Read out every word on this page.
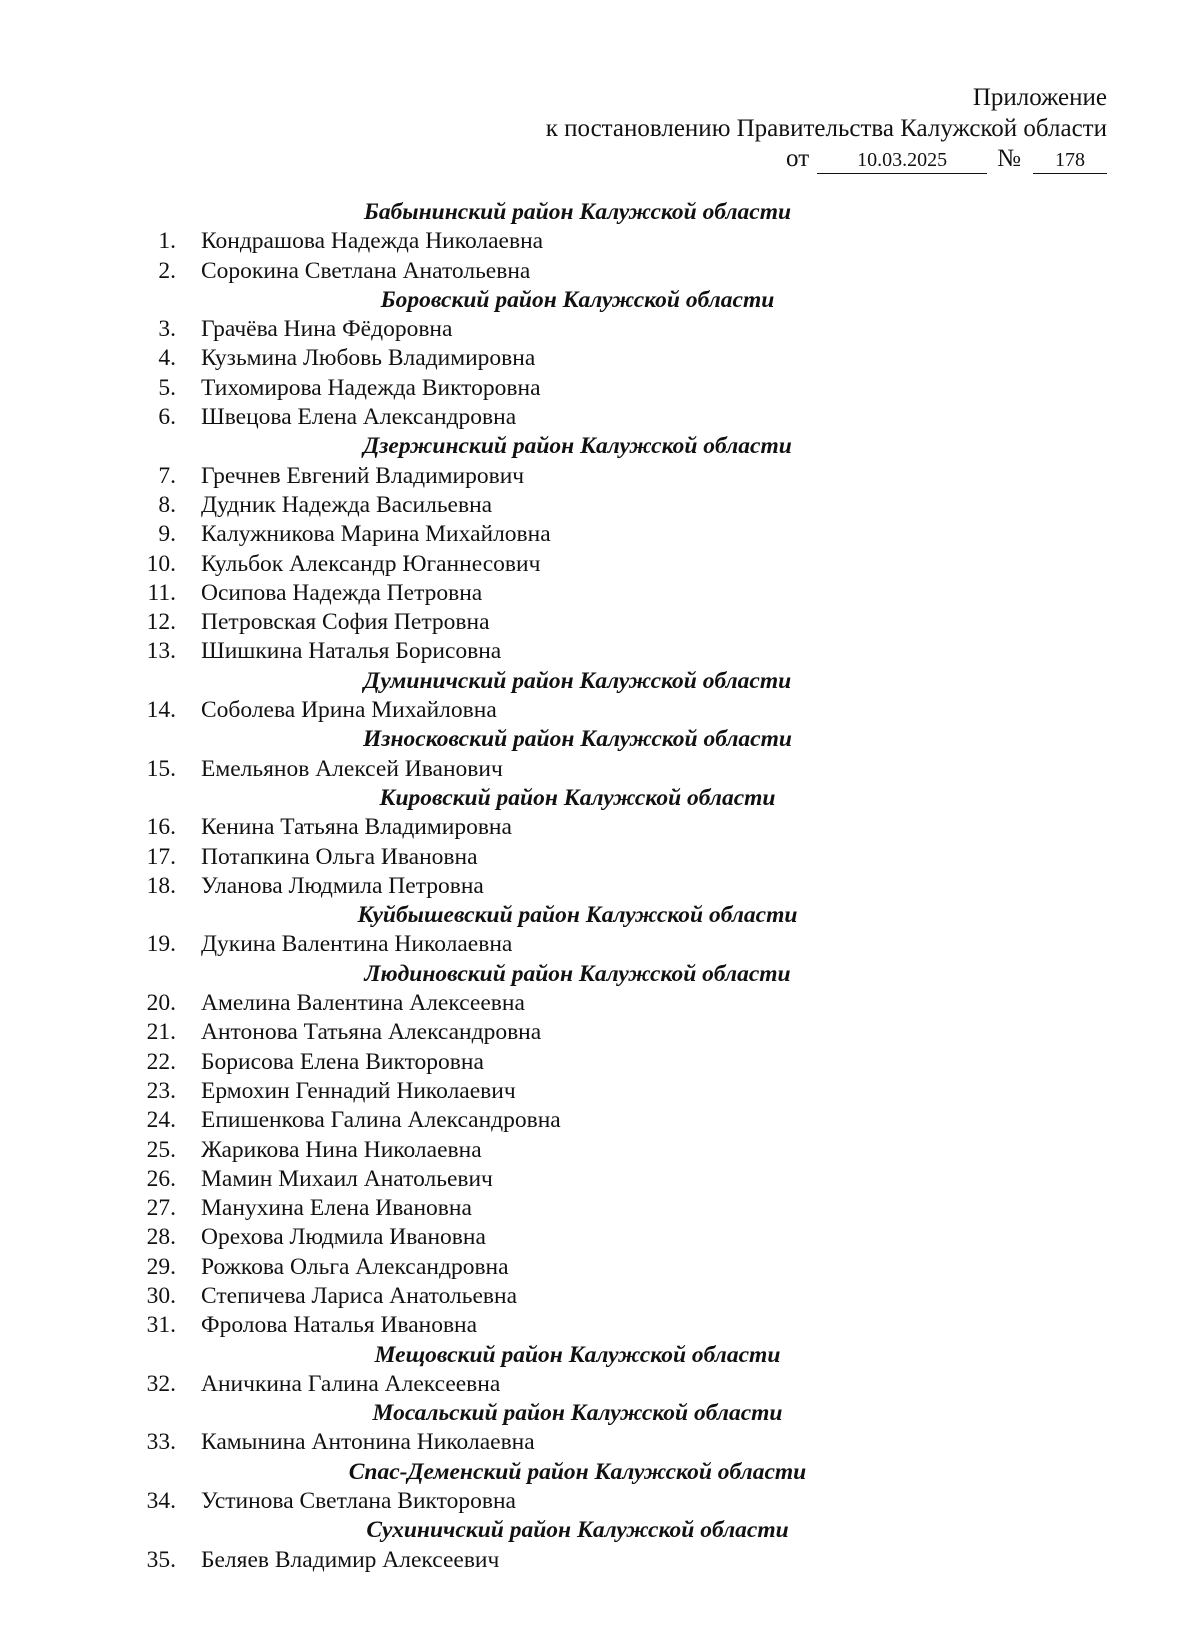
Приложение
к постановлению Правительства Калужской области
от 10.03.2025 № 178
Бабынинский район Калужской области
1. Кондрашова Надежда Николаевна
2. Сорокина Светлана Анатольевна
Боровский район Калужской области
3. Грачёва Нина Фёдоровна
4. Кузьмина Любовь Владимировна
5. Тихомирова Надежда Викторовна
6. Швецова Елена Александровна
Дзержинский район Калужской области
7. Гречнев Евгений Владимирович
8. Дудник Надежда Васильевна
9. Калужникова Марина Михайловна
10. Кульбок Александр Юганнесович
11. Осипова Надежда Петровна
12. Петровская София Петровна
13. Шишкина Наталья Борисовна
Думиничский район Калужской области
14. Соболева Ирина Михайловна
Износковский район Калужской области
15. Емельянов Алексей Иванович
Кировский район Калужской области
16. Кенина Татьяна Владимировна
17. Потапкина Ольга Ивановна
18. Уланова Людмила Петровна
Куйбышевский район Калужской области
19. Дукина Валентина Николаевна
Людиновский район Калужской области
20. Амелина Валентина Алексеевна
21. Антонова Татьяна Александровна
22. Борисова Елена Викторовна
23. Ермохин Геннадий Николаевич
24. Епишенкова Галина Александровна
25. Жарикова Нина Николаевна
26. Мамин Михаил Анатольевич
27. Манухина Елена Ивановна
28. Орехова Людмила Ивановна
29. Рожкова Ольга Александровна
30. Степичева Лариса Анатольевна
31. Фролова Наталья Ивановна
Мещовский район Калужской области
32. Аничкина Галина Алексеевна
Мосальский район Калужской области
33. Камынина Антонина Николаевна
Спас-Деменский район Калужской области
34. Устинова Светлана Викторовна
Сухиничский район Калужской области
35. Беляев Владимир Алексеевич
